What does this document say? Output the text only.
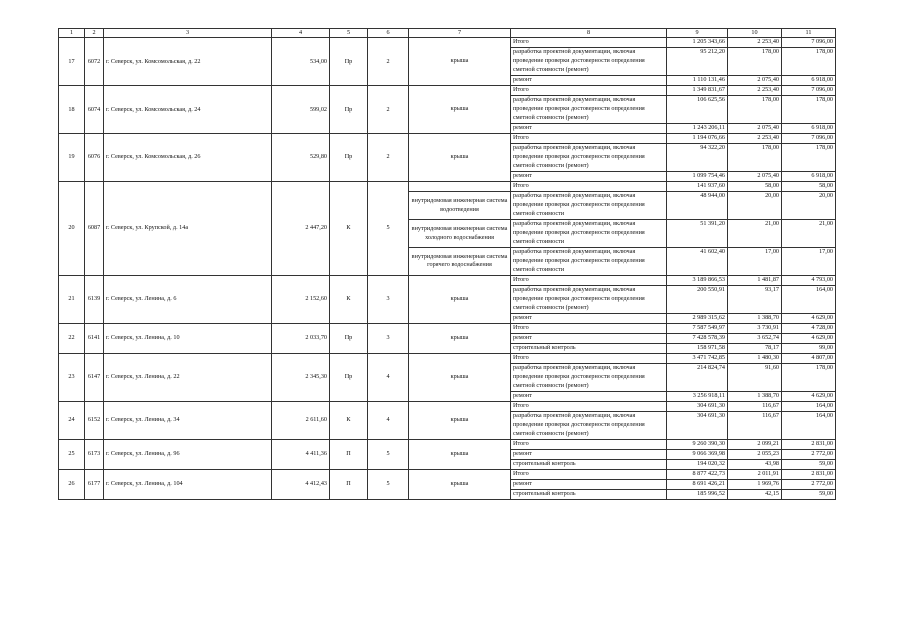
1	2	3	4	5	6	7	8	9	10	11
17	6072	г. Северск, ул. Комсомольская, д. 22	534,00	Пр	2	крыша	Итого	1 205 343,66	2 253,40	7 096,00
							разработка проектной документации, включая проведение проверки достоверности определения сметной стоимости (ремонт)	95 212,20	178,00	178,00

							ремонт	1 110 131,46	2 075,40	6 918,00
18	6074	г. Северск, ул. Комсомольская, д. 24	599,02	Пр	2	крыша	Итого	1 349 831,67	2 253,40	7 096,00
							разработка проектной документации, включая проведение проверки достоверности определения сметной стоимости (ремонт)	106 625,56	178,00	178,00

							ремонт	1 243 206,11	2 075,40	6 918,00
19	6076	г. Северск, ул. Комсомольская, д. 26	529,80	Пр	2	крыша	Итого	1 194 076,66	2 253,40	7 096,00
							разработка проектной документации, включая проведение проверки достоверности определения сметной стоимости (ремонт)	94 322,20	178,00	178,00

							ремонт	1 099 754,46	2 075,40	6 918,00
20	6087	г. Северск, ул. Крупской, д. 14а	2 447,20	К	5		Итого	141 937,60	58,00	58,00
						внутридомовая инженерная система водоотведения	разработка проектной документации, включая проведение проверки достоверности определения сметной стоимости	48 944,00	20,00	20,00

						внутридомовая инженерная система холодного водоснабжения	разработка проектной документации, включая проведение проверки достоверности определения сметной стоимости	51 391,20	21,00	21,00

						внутридомовая инженерная система горячего водоснабжения	разработка проектной документации, включая проведение проверки достоверности определения сметной стоимости	41 602,40	17,00	17,00

21	6139	г. Северск, ул. Ленина, д. 6	2 152,60	К	3	крыша	Итого	3 189 866,53	1 481,87	4 793,00
							разработка проектной документации, включая проведение проверки достоверности определения сметной стоимости (ремонт)	200 550,91	93,17	164,00

							ремонт	2 989 315,62	1 388,70	4 629,00
22	6141	г. Северск, ул. Ленина, д. 10	2 033,70	Пр	3	крыша	Итого	7 587 549,97	3 730,91	4 728,00
							ремонт	7 428 578,39	3 652,74	4 629,00
							строительный контроль	158 971,58	78,17	99,00
23	6147	г. Северск, ул. Ленина, д. 22	2 345,30	Пр	4	крыша	Итого	3 471 742,85	1 480,30	4 807,00
							разработка проектной документации, включая проведение проверки достоверности определения сметной стоимости (ремонт)	214 824,74	91,60	178,00

							ремонт	3 256 918,11	1 388,70	4 629,00
24	6152	г. Северск, ул. Ленина, д. 34	2 611,60	К	4	крыша	Итого	304 691,30	116,67	164,00
							разработка проектной документации, включая проведение проверки достоверности определения сметной стоимости (ремонт)	304 691,30	116,67	164,00

25	6173	г. Северск, ул. Ленина, д. 96	4 411,36	П	5	крыша	Итого	9 260 390,30	2 099,21	2 831,00
							ремонт	9 066 369,98	2 055,23	2 772,00
							строительный контроль	194 020,32	43,98	59,00
26	6177	г. Северск, ул. Ленина, д. 104	4 412,43	П	5	крыша	Итого	8 877 422,73	2 011,91	2 831,00
							ремонт	8 691 426,21	1 969,76	2 772,00
							строительный контроль	185 996,52	42,15	59,00
